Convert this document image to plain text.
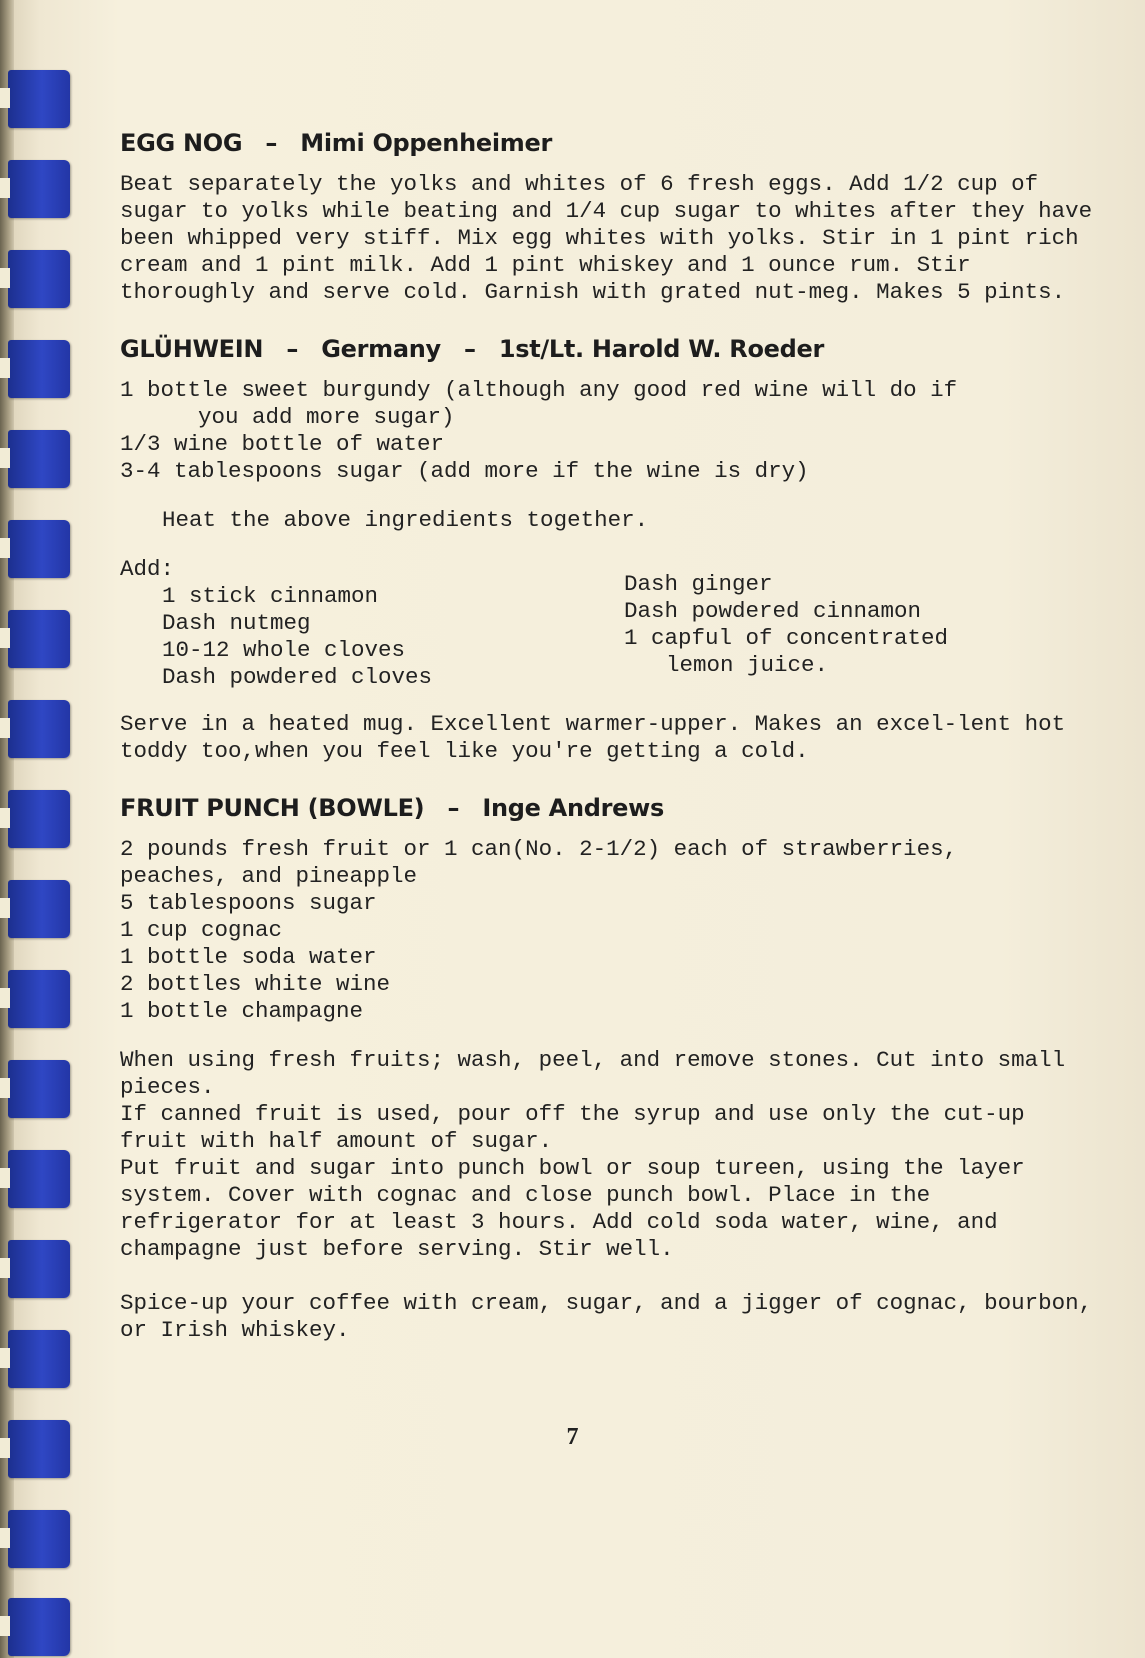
EGG NOG – Mimi Oppenheimer

Beat separately the yolks and whites of 6 fresh eggs. Add 1/2 cup of sugar to yolks while beating and 1/4 cup sugar to whites after they have been whipped very stiff. Mix egg whites with yolks. Stir in 1 pint rich cream and 1 pint milk. Add 1 pint whiskey and 1 ounce rum. Stir thoroughly and serve cold. Garnish with grated nut-meg. Makes 5 pints.

GLÜHWEIN – Germany – 1st/Lt. Harold W. Roeder
1 bottle sweet burgundy (although any good red wine will do if
you add more sugar)
1/3 wine bottle of water
3-4 tablespoons sugar (add more if the wine is dry)

Heat the above ingredients together.

Add:

1 stick cinnamon
Dash nutmeg
10-12 whole cloves
Dash powdered cloves
Dash ginger
Dash powdered cinnamon
1 capful of concentrated
lemon juice.

Serve in a heated mug. Excellent warmer-upper. Makes an excel-lent hot toddy too,when you feel like you're getting a cold.

FRUIT PUNCH (BOWLE) – Inge Andrews
2 pounds fresh fruit or 1 can(No. 2-1/2) each of strawberries,
peaches, and pineapple
5 tablespoons sugar
1 cup cognac
1 bottle soda water
2 bottles white wine
1 bottle champagne

When using fresh fruits; wash, peel, and remove stones. Cut into small pieces.

If canned fruit is used, pour off the syrup and use only the cut-up fruit with half amount of sugar.

Put fruit and sugar into punch bowl or soup tureen, using the layer system. Cover with cognac and close punch bowl. Place in the refrigerator for at least 3 hours. Add cold soda water, wine, and champagne just before serving. Stir well.

Spice-up your coffee with cream, sugar, and a jigger of cognac, bourbon, or Irish whiskey.

7
